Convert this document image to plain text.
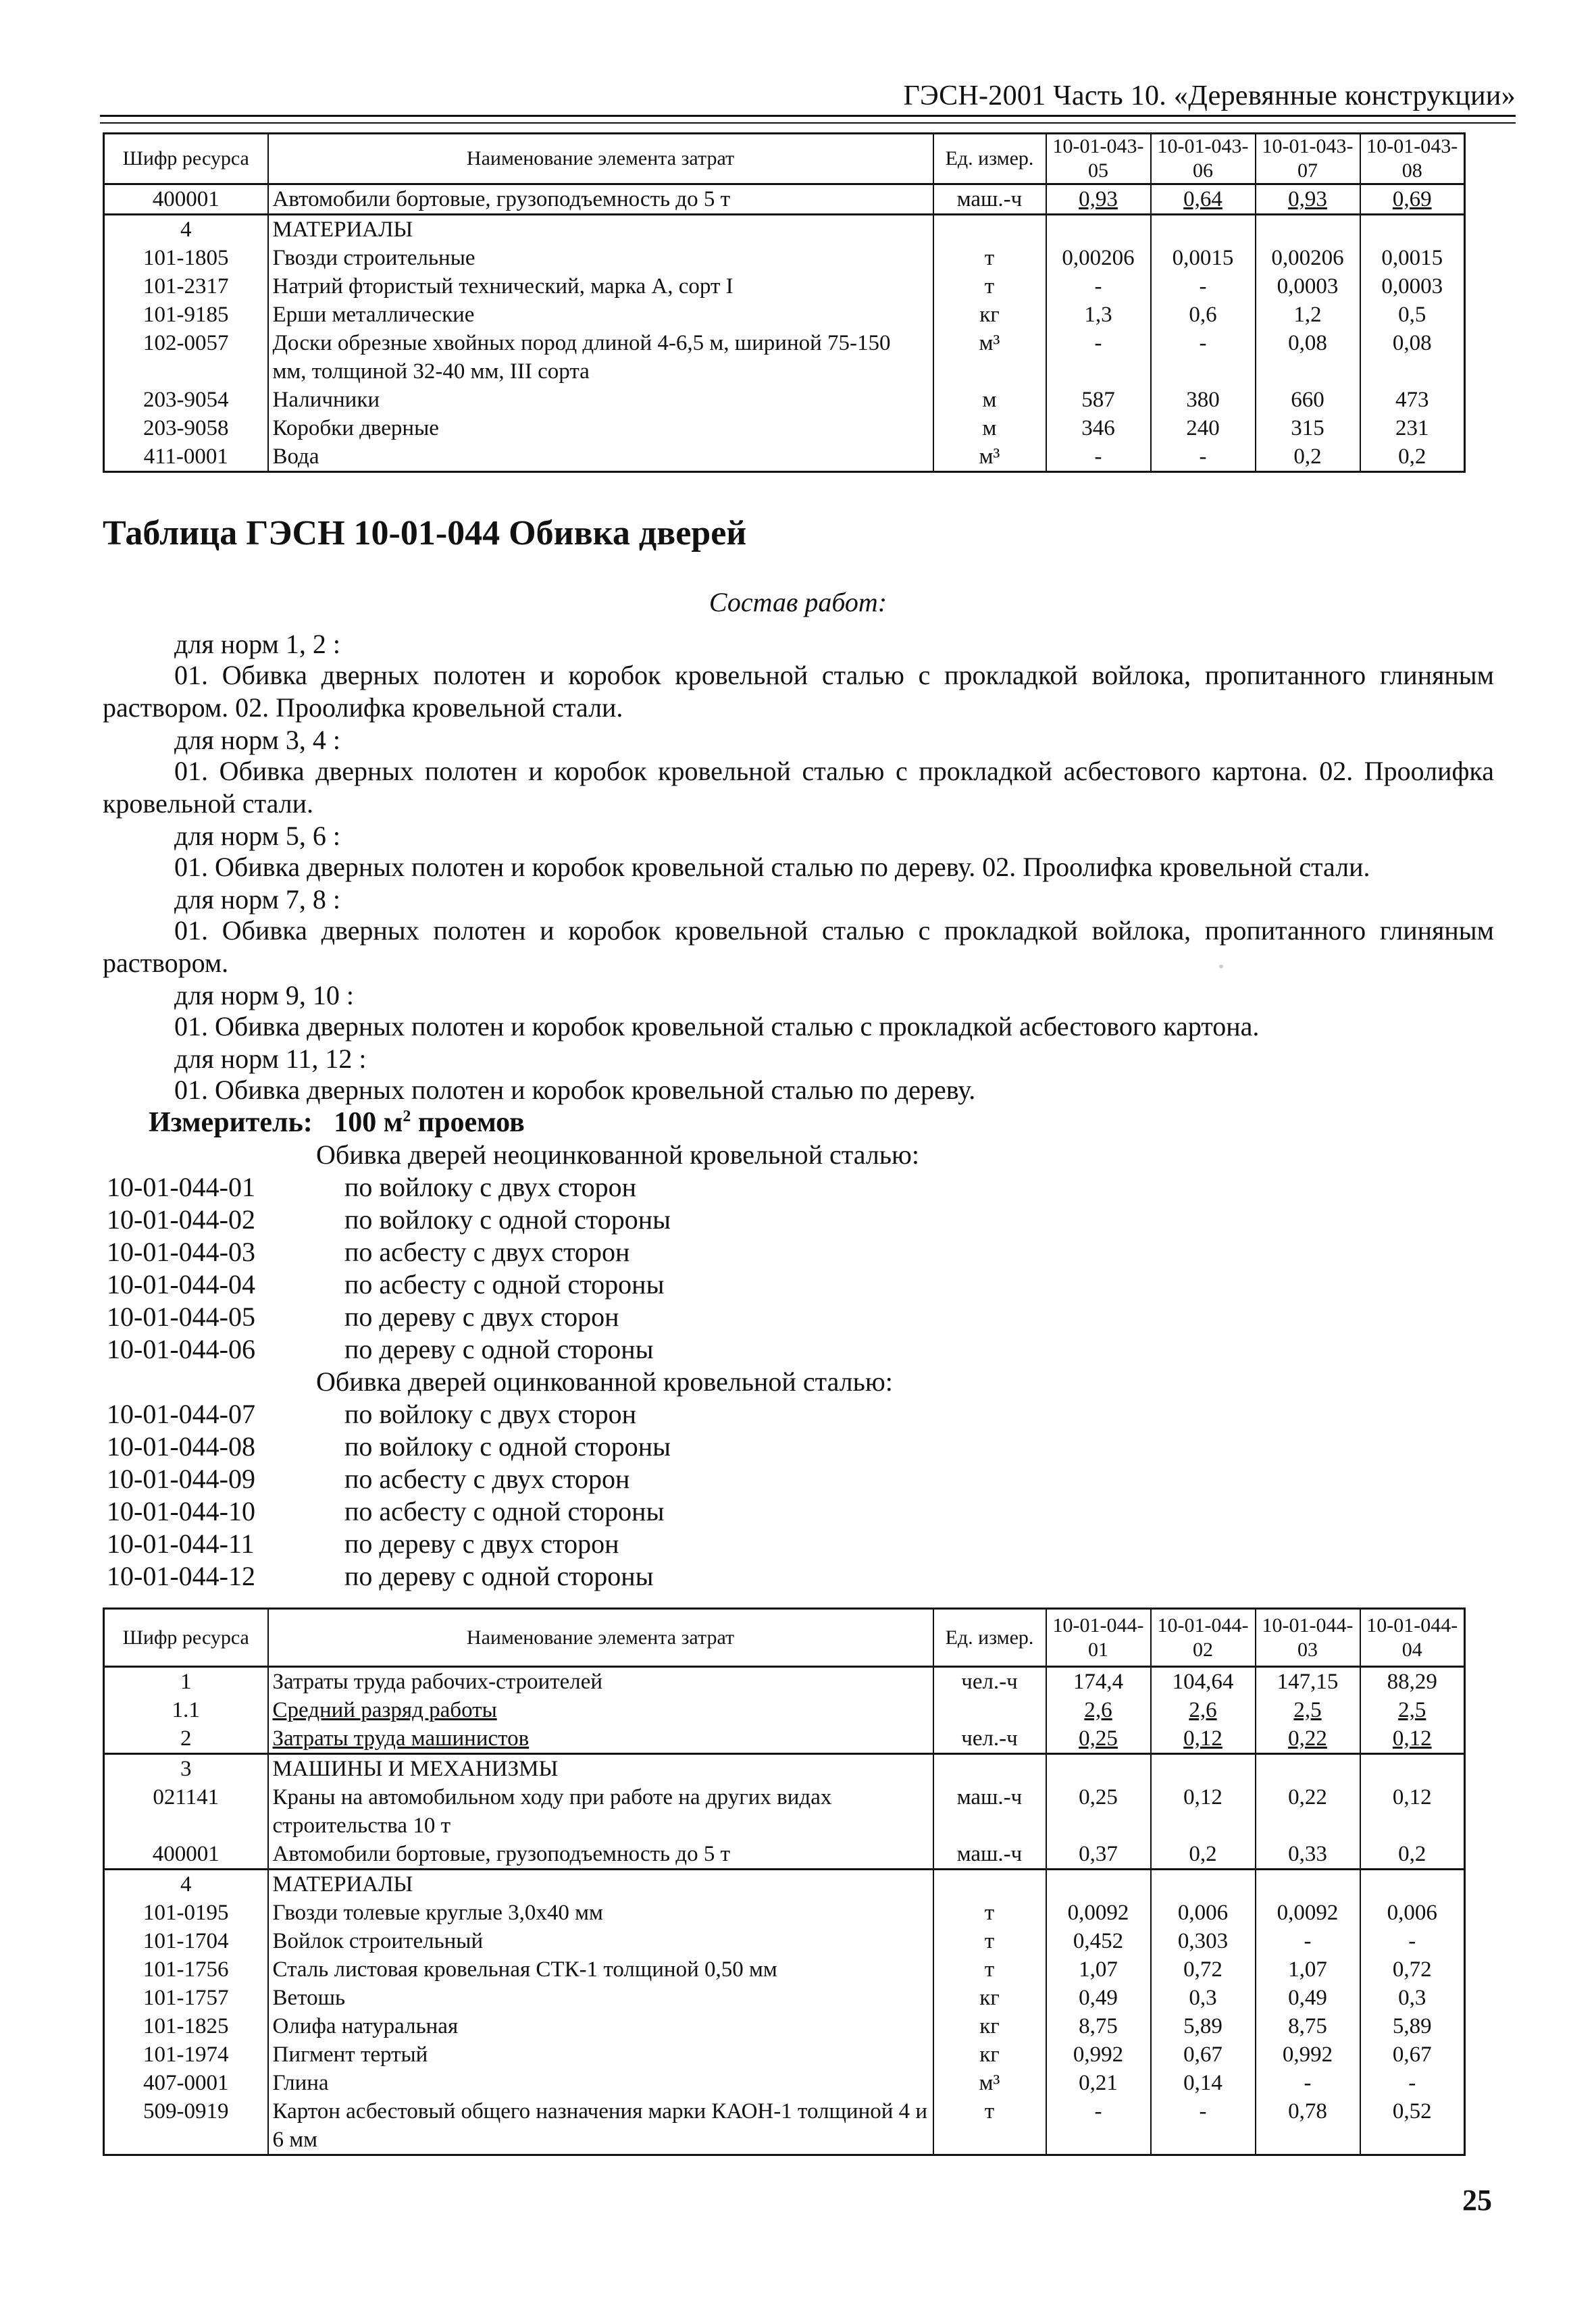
ГЭСН-2001 Часть 10. «Деревянные конструкции»
Шифр ресурса	Наименование элемента затрат	Ед. измер.	10-01-043-05	10-01-043-06	10-01-043-07	10-01-043-08
400001	Автомобили бортовые, грузоподъемность до 5 т	маш.-ч	0,93	0,64	0,93	0,69
4	МАТЕРИАЛЫ					
101-1805	Гвозди строительные	т	0,00206	0,0015	0,00206	0,0015
101-2317	Натрий фтористый технический, марка А, сорт I	т	-	-	0,0003	0,0003
101-9185	Ерши металлические	кг	1,3	0,6	1,2	0,5
102-0057	Доски обрезные хвойных пород длиной 4-6,5 м, шириной 75-150 мм, толщиной 32-40 мм, III сорта	м³	-	-	0,08	0,08
203-9054	Наличники	м	587	380	660	473
203-9058	Коробки дверные	м	346	240	315	231
411-0001	Вода	м³	-	-	0,2	0,2
Таблица ГЭСН 10-01-044 Обивка дверей
Состав работ:
для норм 1, 2 :
01. Обивка дверных полотен и коробок кровельной сталью с прокладкой войлока, пропитанного глиняным раствором. 02. Проолифка кровельной стали.
для норм 3, 4 :
01. Обивка дверных полотен и коробок кровельной сталью с прокладкой асбестового картона. 02. Проолифка кровельной стали.
для норм 5, 6 :
01. Обивка дверных полотен и коробок кровельной сталью по дереву. 02. Проолифка кровельной стали.
для норм 7, 8 :
01. Обивка дверных полотен и коробок кровельной сталью с прокладкой войлока, пропитанного глиняным раствором.
для норм 9, 10 :
01. Обивка дверных полотен и коробок кровельной сталью с прокладкой асбестового картона.
для норм 11, 12 :
01. Обивка дверных полотен и коробок кровельной сталью по дереву.
Измеритель: 100 $м^2$ проемов
Обивка дверей неоцинкованной кровельной сталью:
10-01-044-01	по войлоку с двух сторон
10-01-044-02	по войлоку с одной стороны
10-01-044-03	по асбесту с двух сторон
10-01-044-04	по асбесту с одной стороны
10-01-044-05	по дереву с двух сторон
10-01-044-06	по дереву с одной стороны
Обивка дверей оцинкованной кровельной сталью:
10-01-044-07	по войлоку с двух сторон
10-01-044-08	по войлоку с одной стороны
10-01-044-09	по асбесту с двух сторон
10-01-044-10	по асбесту с одной стороны
10-01-044-11	по дереву с двух сторон
10-01-044-12	по дереву с одной стороны
Шифр ресурса	Наименование элемента затрат	Ед. измер.	10-01-044-01	10-01-044-02	10-01-044-03	10-01-044-04
1	Затраты труда рабочих-строителей	чел.-ч	174,4	104,64	147,15	88,29
1.1	Средний разряд работы		2,6	2,6	2,5	2,5
2	Затраты труда машинистов	чел.-ч	0,25	0,12	0,22	0,12
3	МАШИНЫ И МЕХАНИЗМЫ					
021141	Краны на автомобильном ходу при работе на других видах строительства 10 т	маш.-ч	0,25	0,12	0,22	0,12
400001	Автомобили бортовые, грузоподъемность до 5 т	маш.-ч	0,37	0,2	0,33	0,2
4	МАТЕРИАЛЫ					
101-0195	Гвозди толевые круглые 3,0х40 мм	т	0,0092	0,006	0,0092	0,006
101-1704	Войлок строительный	т	0,452	0,303	-	-
101-1756	Сталь листовая кровельная СТК-1 толщиной 0,50 мм	т	1,07	0,72	1,07	0,72
101-1757	Ветошь	кг	0,49	0,3	0,49	0,3
101-1825	Олифа натуральная	кг	8,75	5,89	8,75	5,89
101-1974	Пигмент тертый	кг	0,992	0,67	0,992	0,67
407-0001	Глина	м³	0,21	0,14	-	-
509-0919	Картон асбестовый общего назначения марки КАОН-1 толщиной 4 и 6 мм	т	-	-	0,78	0,52
25
